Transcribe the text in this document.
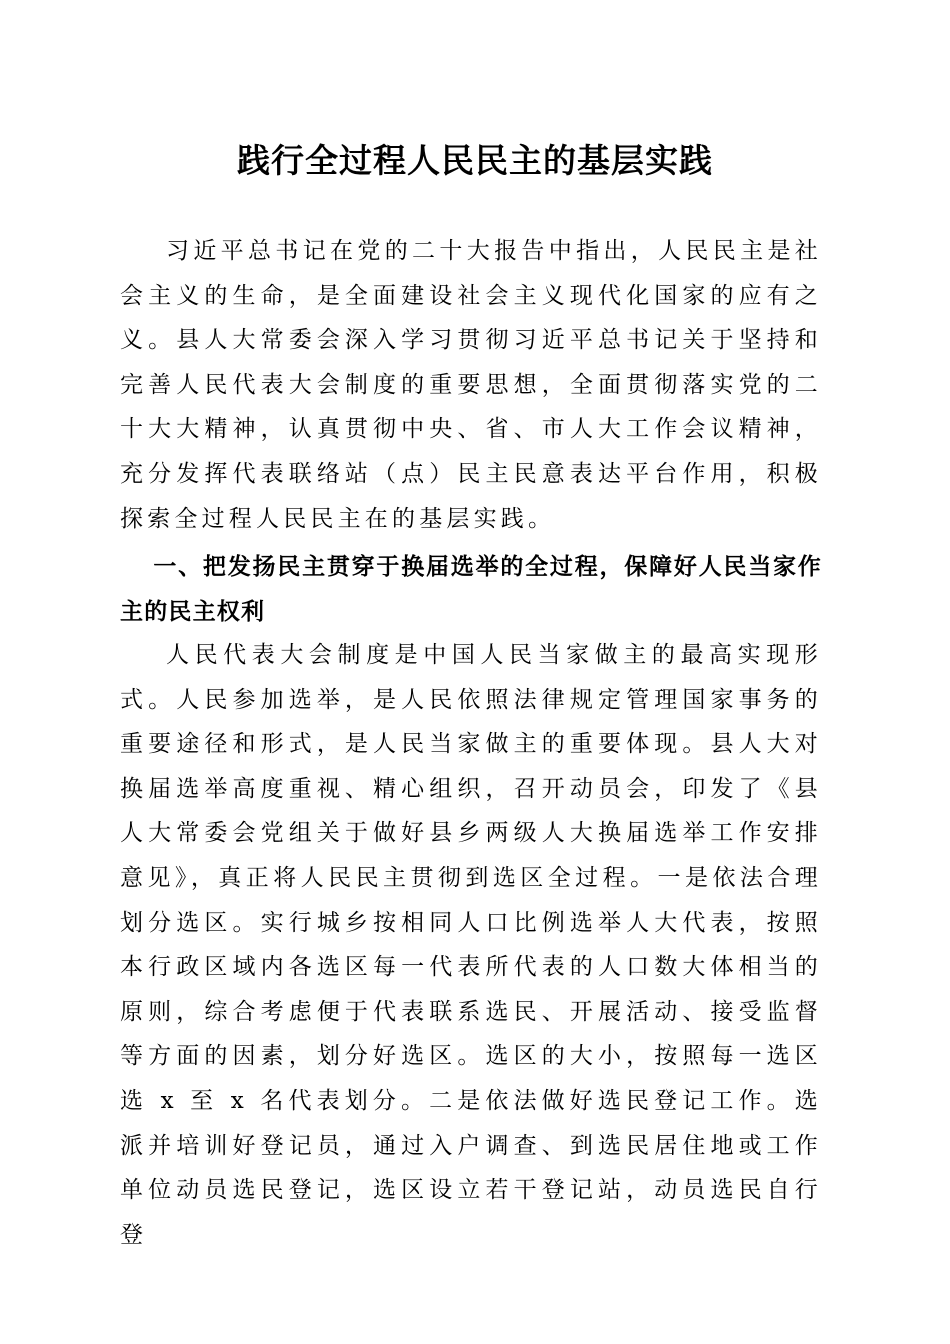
践行全过程人民民主的基层实践

习近平总书记在党的二十大报告中指出，人民民主是社会主义的生命，是全面建设社会主义现代化国家的应有之义。县人大常委会深入学习贯彻习近平总书记关于坚持和完善人民代表大会制度的重要思想，全面贯彻落实党的二十大大精神，认真贯彻中央、省、市人大工作会议精神，充分发挥代表联络站（点）民主民意表达平台作用，积极探索全过程人民民主在的基层实践。

一、把发扬民主贯穿于换届选举的全过程，保障好人民当家作主的民主权利

人民代表大会制度是中国人民当家做主的最高实现形式。人民参加选举，是人民依照法律规定管理国家事务的重要途径和形式，是人民当家做主的重要体现。县人大对换届选举高度重视、精心组织，召开动员会，印发了《县人大常委会党组关于做好县乡两级人大换届选举工作安排意见》，真正将人民民主贯彻到选区全过程。一是依法合理划分选区。实行城乡按相同人口比例选举人大代表，按照本行政区域内各选区每一代表所代表的人口数大体相当的原则，综合考虑便于代表联系选民、开展活动、接受监督等方面的因素，划分好选区。选区的大小，按照每一选区选 x 至 x 名代表划分。二是依法做好选民登记工作。选派并培训好登记员，通过入户调查、到选民居住地或工作单位动员选民登记，选区设立若干登记站，动员选民自行登
